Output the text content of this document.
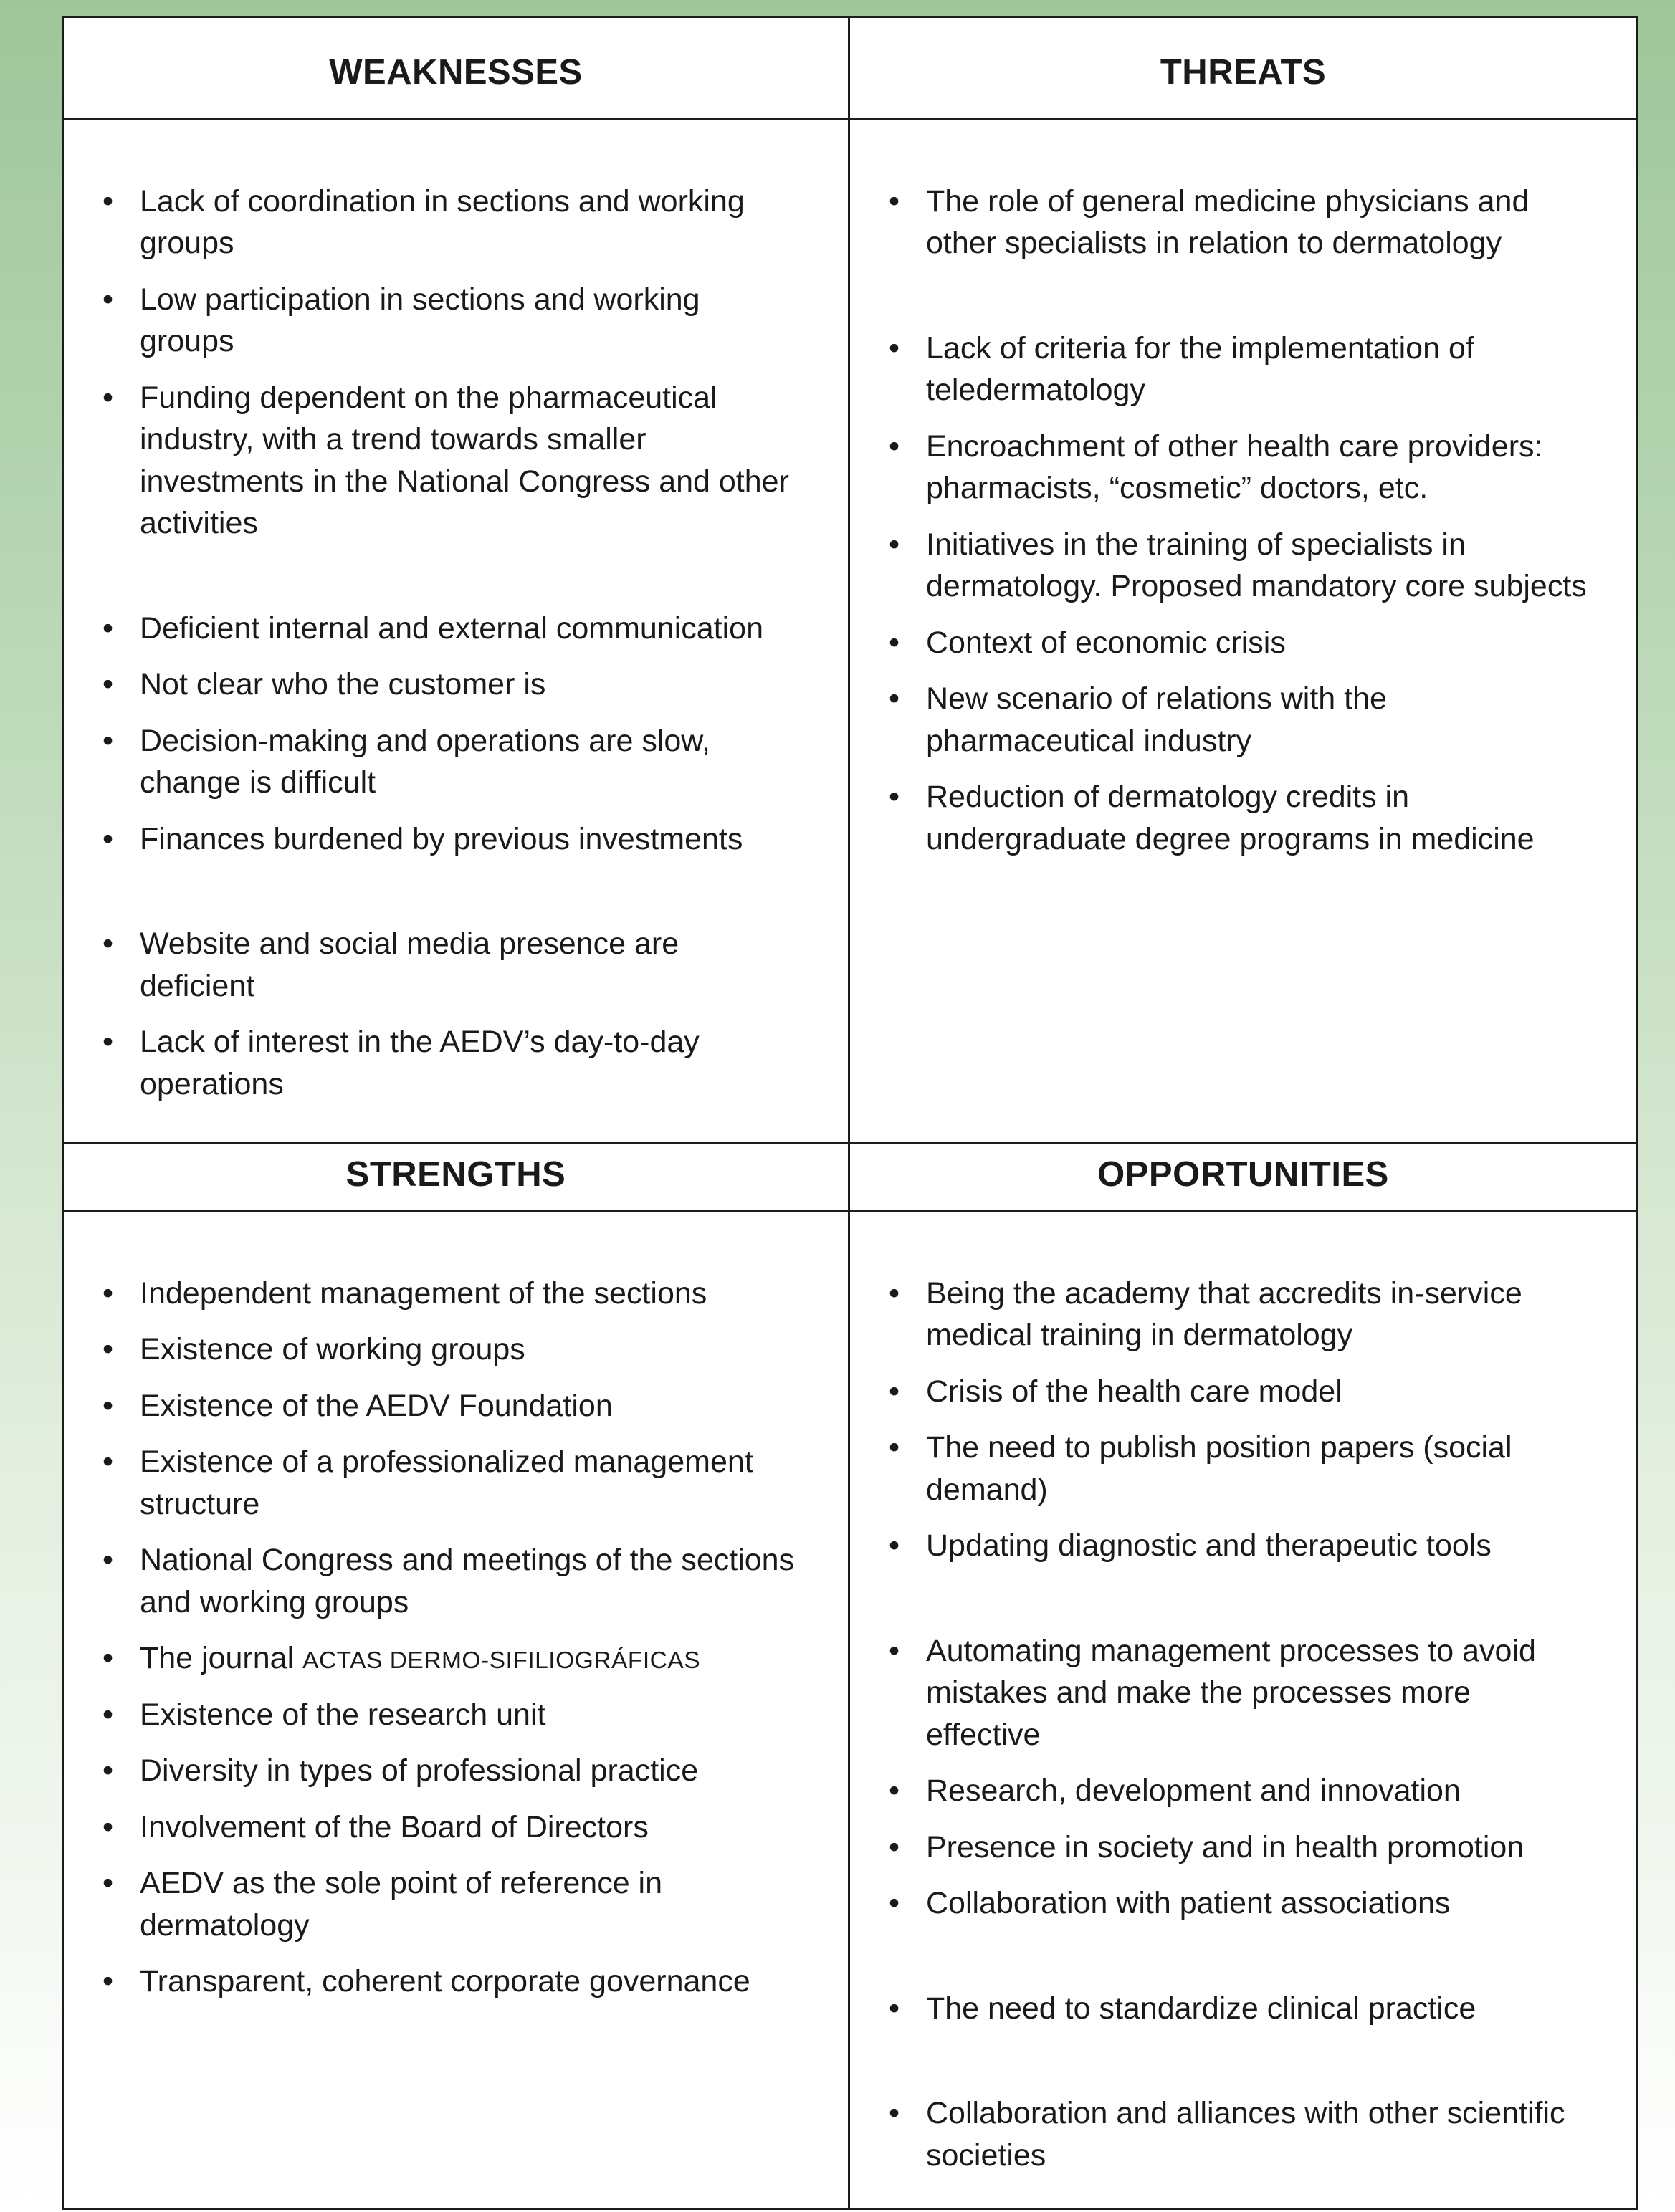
WEAKNESSES	THREATS
• Lack of coordination in sections and working groups
• Low participation in sections and working groups
• Funding dependent on the pharmaceutical industry, with a trend towards smaller investments in the National Congress and other activities
• Deficient internal and external communication
• Not clear who the customer is
• Decision-making and operations are slow, change is difficult
• Finances burdened by previous investments
• Website and social media presence are deficient
• Lack of interest in the AEDV’s day-to-day operations
• The role of general medicine physicians and other specialists in relation to dermatology
• Lack of criteria for the implementation of teledermatology
• Encroachment of other health care providers: pharmacists, “cosmetic” doctors, etc.
• Initiatives in the training of specialists in dermatology. Proposed mandatory core subjects
• Context of economic crisis
• New scenario of relations with the pharmaceutical industry
• Reduction of dermatology credits in undergraduate degree programs in medicine
STRENGTHS	OPPORTUNITIES
• Independent management of the sections
• Existence of working groups
• Existence of the AEDV Foundation
• Existence of a professionalized management structure
• National Congress and meetings of the sections and working groups
• The journal ACTAS DERMO-SIFILIOGRÁFICAS
• Existence of the research unit
• Diversity in types of professional practice
• Involvement of the Board of Directors
• AEDV as the sole point of reference in dermatology
• Transparent, coherent corporate governance
• Being the academy that accredits in-service medical training in dermatology
• Crisis of the health care model
• The need to publish position papers (social demand)
• Updating diagnostic and therapeutic tools
• Automating management processes to avoid mistakes and make the processes more effective
• Research, development and innovation
• Presence in society and in health promotion
• Collaboration with patient associations
• The need to standardize clinical practice
• Collaboration and alliances with other scientific societies
